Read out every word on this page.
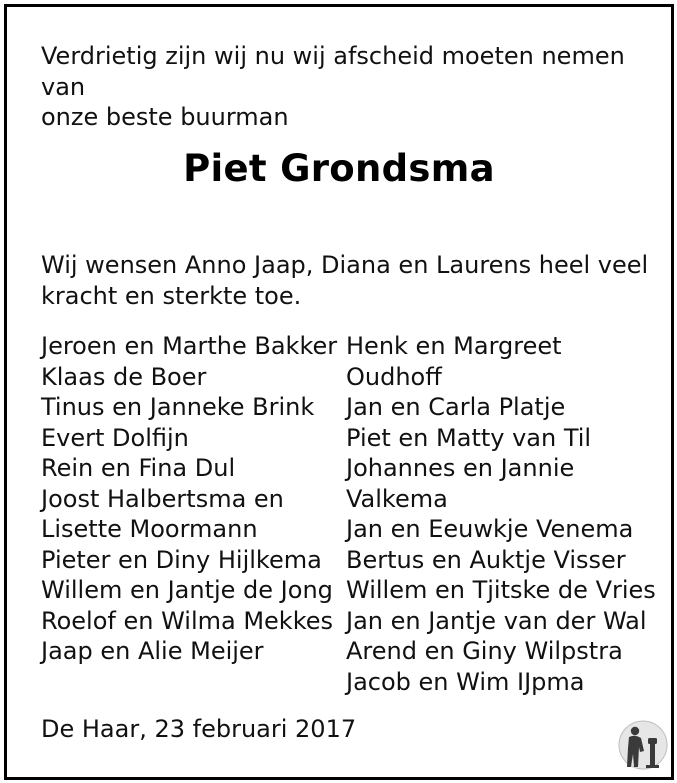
Verdrietig zijn wij nu wij afscheid moeten nemen van
onze beste buurman

Piet Grondsma

Wij wensen Anno Jaap, Diana en Laurens heel veel
kracht en sterkte toe.

Jeroen en Marthe Bakker
Klaas de Boer
Tinus en Janneke Brink
Evert Dolfijn
Rein en Fina Dul
Joost Halbertsma en
Lisette Moormann
Pieter en Diny Hijlkema
Willem en Jantje de Jong
Roelof en Wilma Mekkes
Jaap en Alie Meijer
Henk en Margreet
Oudhoff
Jan en Carla Platje
Piet en Matty van Til
Johannes en Jannie
Valkema
Jan en Eeuwkje Venema
Bertus en Auktje Visser
Willem en Tjitske de Vries
Jan en Jantje van der Wal
Arend en Giny Wilpstra
Jacob en Wim IJpma

De Haar, 23 februari 2017
